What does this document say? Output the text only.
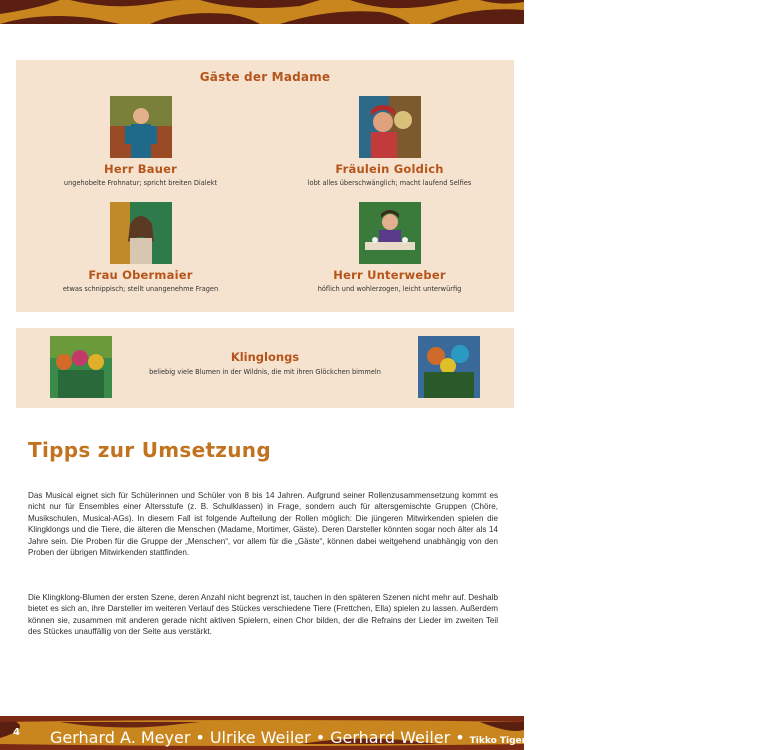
Gäste der Madame
Herr Bauer
ungehobelte Frohnatur; spricht breiten Dialekt
Fräulein Goldich
lobt alles überschwänglich; macht laufend Selfies
Frau Obermaier
etwas schnippisch; stellt unangenehme Fragen
Herr Unterweber
höflich und wohlerzogen, leicht unterwürfig
Klinglongs
beliebig viele Blumen in der Wildnis, die mit ihren Glöckchen bimmeln
Tipps zur Umsetzung

Das Musical eignet sich für Schülerinnen und Schüler von 8 bis 14 Jahren. Aufgrund seiner Rollenzusammensetzung kommt es nicht nur für Ensembles einer Altersstufe (z. B. Schulklassen) in Frage, sondern auch für altersgemischte Gruppen (Chöre, Musikschulen, Musical-AGs). In diesem Fall ist folgende Aufteilung der Rollen möglich: Die jüngeren Mitwirkenden spielen die Klingklongs und die Tiere, die älteren die Menschen (Madame, Mortimer, Gäste). Deren Darsteller könnten sogar noch älter als 14 Jahre sein. Die Proben für die Gruppe der „Menschen“, vor allem für die „Gäste“, können dabei weitgehend unabhängig von den Proben der übrigen Mitwirkenden stattfinden.

Die Klingklong-Blumen der ersten Szene, deren Anzahl nicht begrenzt ist, tauchen in den späteren Szenen nicht mehr auf. Deshalb bietet es sich an, ihre Darsteller im weiteren Verlauf des Stückes verschiedene Tiere (Frettchen, Ella) spielen zu lassen. Außerdem können sie, zusammen mit anderen gerade nicht aktiven Spielern, einen Chor bilden, der die Refrains der Lieder im zweiten Teil des Stückes unauffällig von der Seite aus verstärkt.

4 Gerhard A. Meyer • Ulrike Weiler • Gerhard Weiler • Tikko Tiger • Gesamtausgabe • © FIDULA
